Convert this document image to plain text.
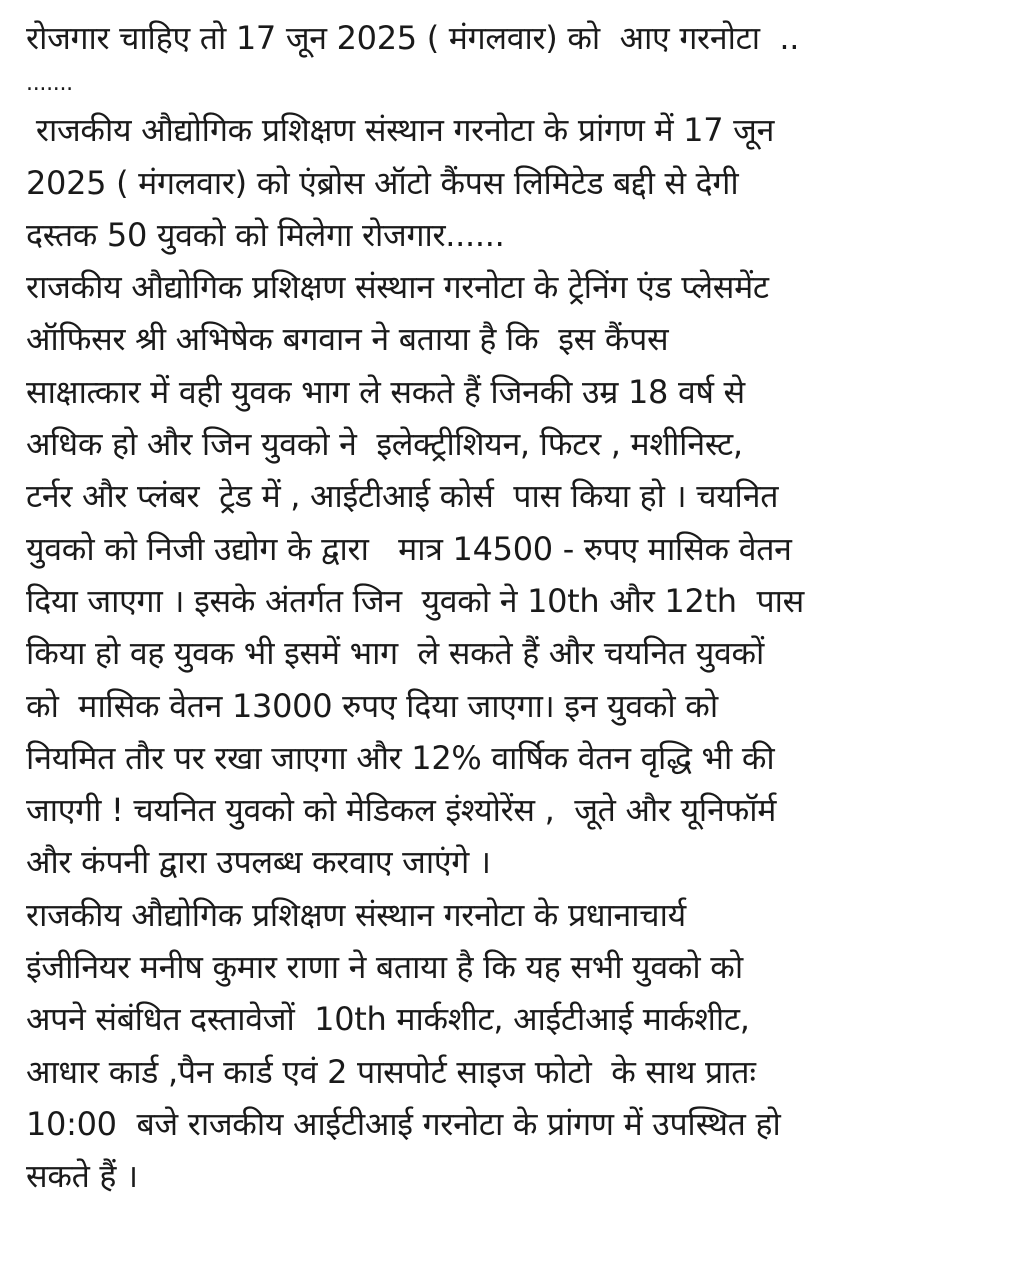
रोजगार चाहिए तो 17 जून 2025 ( मंगलवार) को  आए गरनोटा  ..
.......
राजकीय औद्योगिक प्रशिक्षण संस्थान गरनोटा के प्रांगण में 17 जून
2025 ( मंगलवार) को एंब्रोस ऑटो कैंपस लिमिटेड बद्दी से देगी
दस्तक 50 युवको को मिलेगा रोजगार......
राजकीय औद्योगिक प्रशिक्षण संस्थान गरनोटा के ट्रेनिंग एंड प्लेसमेंट
ऑफिसर श्री अभिषेक बगवान ने बताया है कि  इस कैंपस
साक्षात्कार में वही युवक भाग ले सकते हैं जिनकी उम्र 18 वर्ष से
अधिक हो और जिन युवको ने  इलेक्ट्रीशियन, फिटर , मशीनिस्ट,
टर्नर और प्लंबर  ट्रेड में , आईटीआई कोर्स  पास किया हो । चयनित
युवको को निजी उद्योग के द्वारा   मात्र 14500 - रुपए मासिक वेतन
दिया जाएगा । इसके अंतर्गत जिन  युवको ने 10th और 12th  पास
किया हो वह युवक भी इसमें भाग  ले सकते हैं और चयनित युवकों
को  मासिक वेतन 13000 रुपए दिया जाएगा। इन युवको को
नियमित तौर पर रखा जाएगा और 12% वार्षिक वेतन वृद्धि भी की
जाएगी ! चयनित युवको को मेडिकल इंश्योरेंस ,  जूते और यूनिफॉर्म
और कंपनी द्वारा उपलब्ध करवाए जाएंगे ।
राजकीय औद्योगिक प्रशिक्षण संस्थान गरनोटा के प्रधानाचार्य
इंजीनियर मनीष कुमार राणा ने बताया है कि यह सभी युवको को
अपने संबंधित दस्तावेजों  10th मार्कशीट, आईटीआई मार्कशीट,
आधार कार्ड ,पैन कार्ड एवं 2 पासपोर्ट साइज फोटो  के साथ प्रातः
10:00  बजे राजकीय आईटीआई गरनोटा के प्रांगण में उपस्थित हो
सकते हैं ।
